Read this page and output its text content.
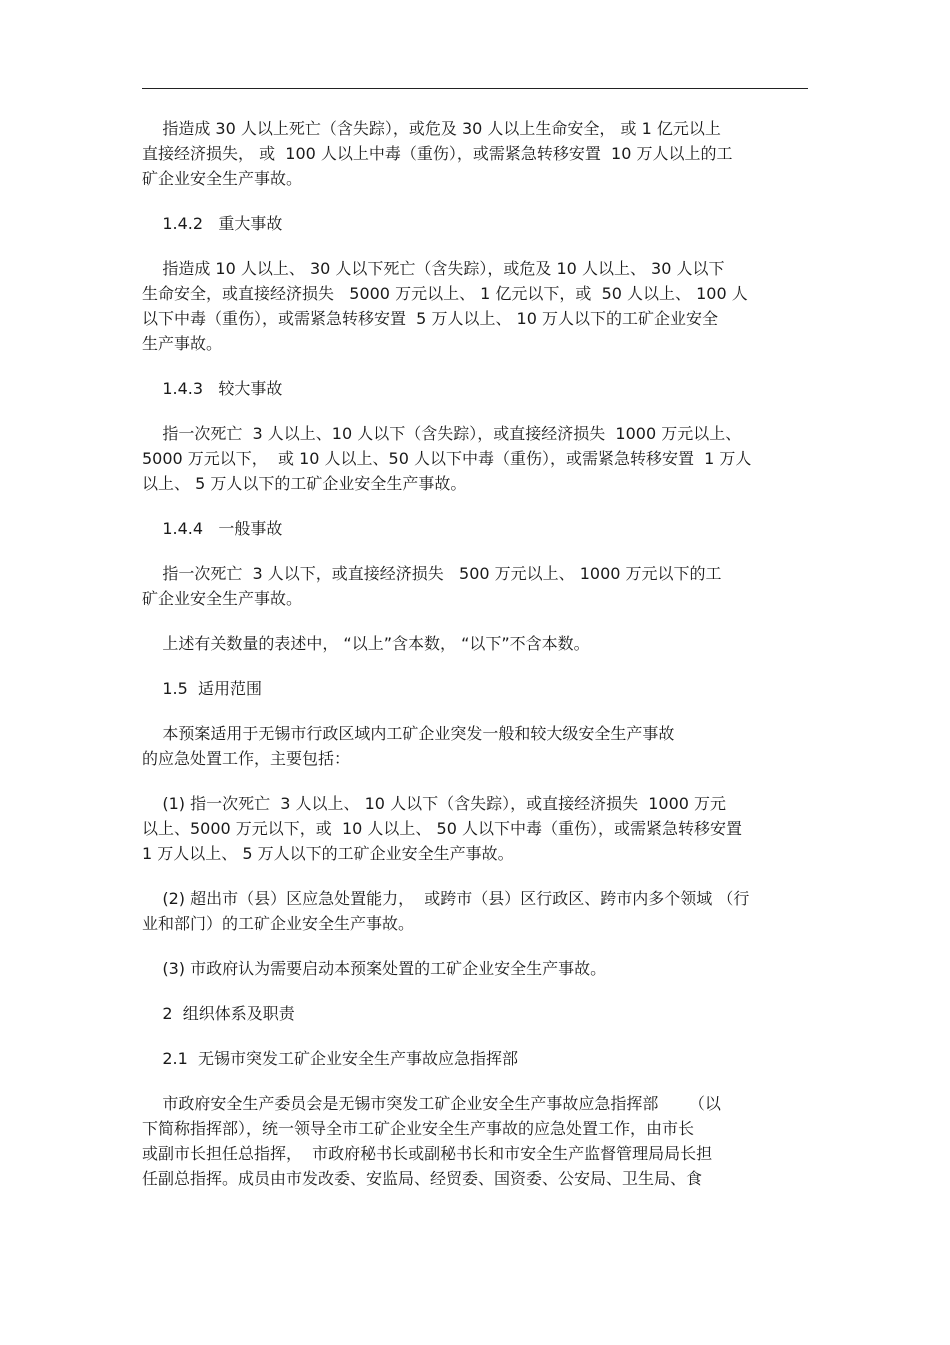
指造成 30 人以上死亡（含失踪），或危及 30 人以上生命安全， 或 1 亿元以上
直接经济损失， 或  100 人以上中毒（重伤），或需紧急转移安置  10 万人以上的工
矿企业安全生产事故。
1.4.2   重大事故
指造成 10 人以上、 30 人以下死亡（含失踪），或危及 10 人以上、 30 人以下
生命安全，或直接经济损失   5000 万元以上、 1 亿元以下，或  50 人以上、 100 人
以下中毒（重伤），或需紧急转移安置  5 万人以上、 10 万人以下的工矿企业安全
生产事故。
1.4.3   较大事故
指一次死亡  3 人以上、10 人以下（含失踪），或直接经济损失  1000 万元以上、
5000 万元以下，  或 10 人以上、50 人以下中毒（重伤），或需紧急转移安置  1 万人
以上、 5 万人以下的工矿企业安全生产事故。
1.4.4   一般事故
指一次死亡  3 人以下，或直接经济损失   500 万元以上、 1000 万元以下的工
矿企业安全生产事故。
上述有关数量的表述中， “以上”含本数， “以下”不含本数。
1.5  适用范围
本预案适用于无锡市行政区域内工矿企业突发一般和较大级安全生产事故
的应急处置工作，主要包括：
(1) 指一次死亡  3 人以上、 10 人以下（含失踪），或直接经济损失  1000 万元
以上、5000 万元以下，或  10 人以上、 50 人以下中毒（重伤），或需紧急转移安置
1 万人以上、 5 万人以下的工矿企业安全生产事故。
(2) 超出市（县）区应急处置能力，  或跨市（县）区行政区、跨市内多个领域 （行
业和部门）的工矿企业安全生产事故。
(3) 市政府认为需要启动本预案处置的工矿企业安全生产事故。
2  组织体系及职责
2.1  无锡市突发工矿企业安全生产事故应急指挥部
市政府安全生产委员会是无锡市突发工矿企业安全生产事故应急指挥部      （以
下简称指挥部），统一领导全市工矿企业安全生产事故的应急处置工作，由市长
或副市长担任总指挥，  市政府秘书长或副秘书长和市安全生产监督管理局局长担
任副总指挥。成员由市发改委、安监局、经贸委、国资委、公安局、卫生局、食
